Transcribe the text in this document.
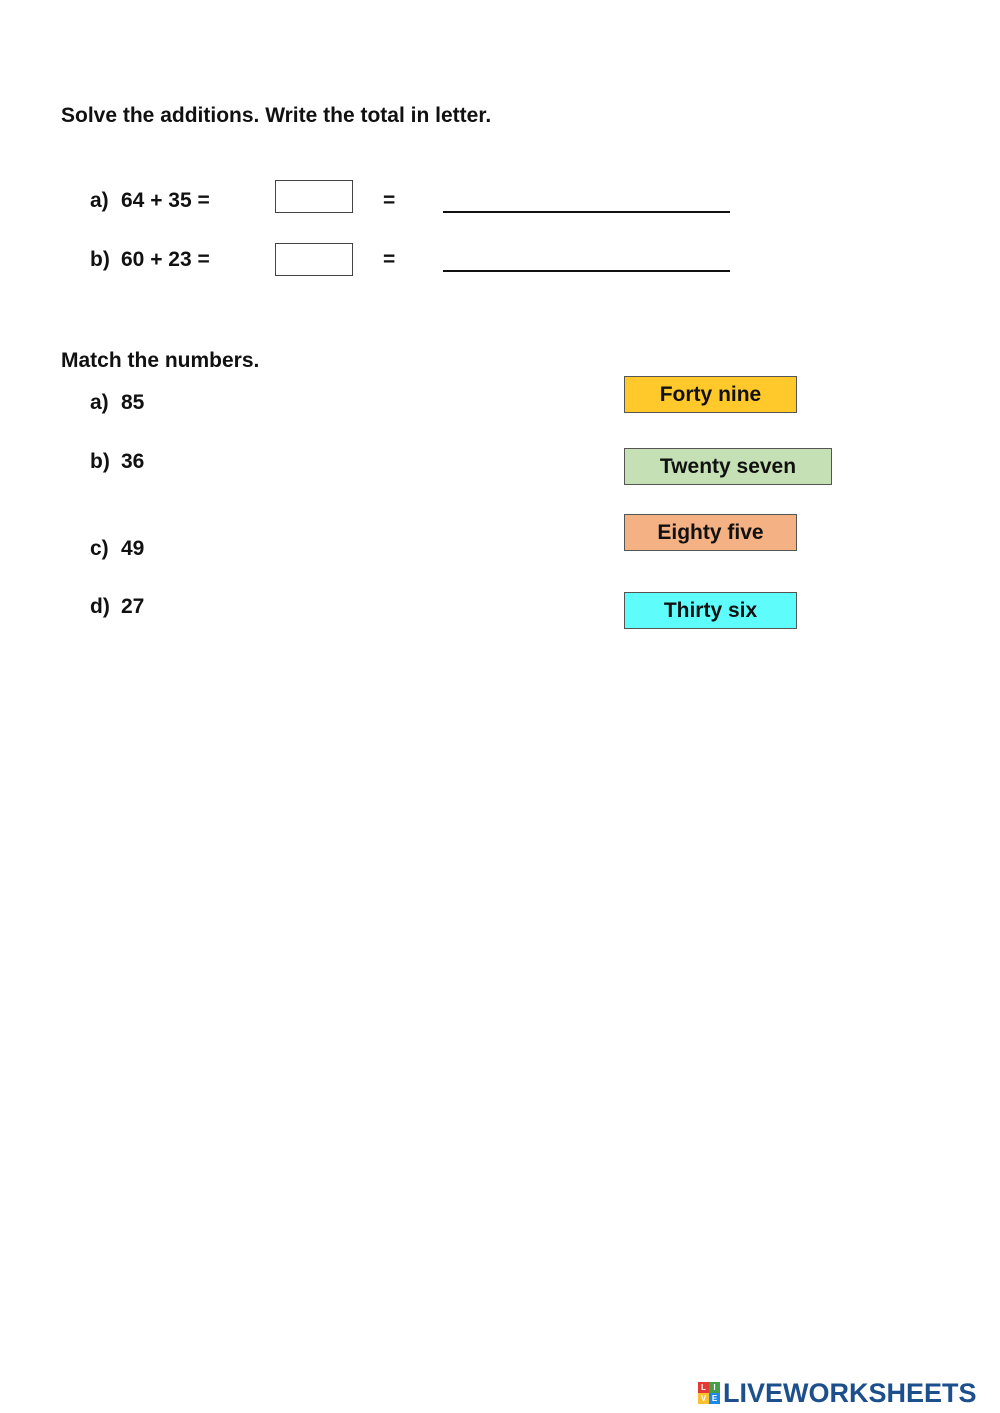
Solve the additions. Write the total in letter.
a) 64 + 35 =	=
b) 60 + 23 =	=
Match the numbers.
a) 85
b) 36
c) 49
d) 27
Forty nine
Twenty seven
Eighty five
Thirty six
L I
V E LIVEWORKSHEETS
